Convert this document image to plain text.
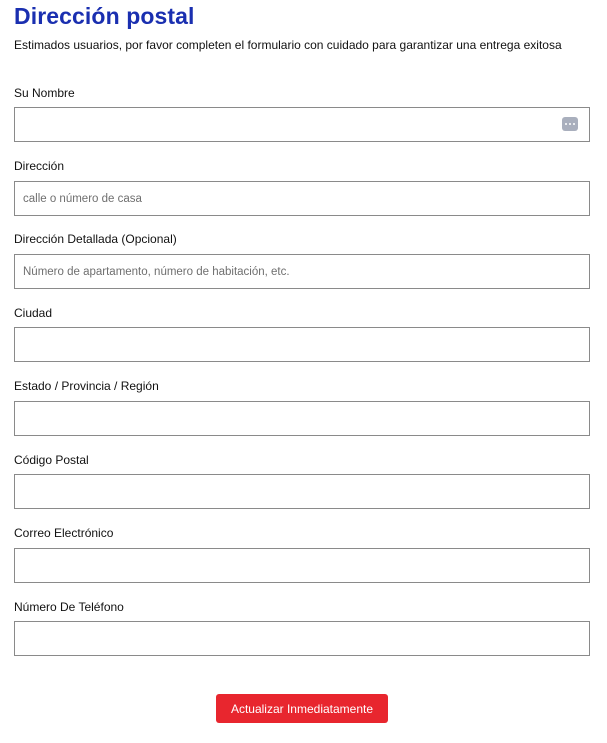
Dirección postal
Estimados usuarios, por favor completen el formulario con cuidado para garantizar una entrega exitosa
Su Nombre
Dirección
calle o número de casa
Dirección Detallada (Opcional)
Número de apartamento, número de habitación, etc.
Ciudad
Estado / Provincia / Región
Código Postal
Correo Electrónico
Número De Teléfono
Actualizar Inmediatamente
